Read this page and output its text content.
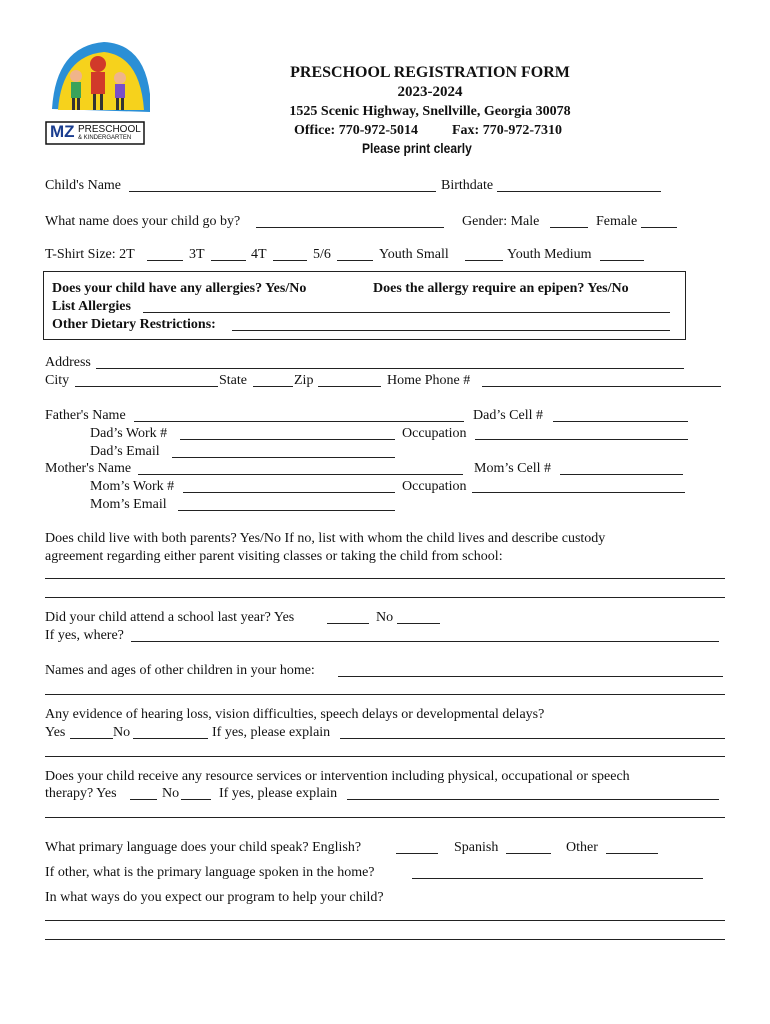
MZ PRESCHOOL
& KINDERGARTEN
PRESCHOOL REGISTRATION FORM
2023-2024
1525 Scenic Highway, Snellville, Georgia 30078
Office: 770-972-5014 Fax: 770-972-7310
Please print clearly
Child's Name	Birthdate
What name does your child go by?	Gender: Male	Female
T-Shirt Size: 2T	3T	4T	5/6	Youth Small	Youth Medium
Does your child have any allergies? Yes/No	Does the allergy require an epipen? Yes/No
List Allergies
Other Dietary Restrictions:
Address
City	State	Zip	Home Phone #
Father's Name	Dad’s Cell #
Dad’s Work #	Occupation
Dad’s Email
Mother's Name	Mom’s Cell #
Mom’s Work #	Occupation
Mom’s Email
Does child live with both parents? Yes/No If no, list with whom the child lives and describe custody
agreement regarding either parent visiting classes or taking the child from school:
Did your child attend a school last year? Yes	No
If yes, where?
Names and ages of other children in your home:
Any evidence of hearing loss, vision difficulties, speech delays or developmental delays?
Yes	No	If yes, please explain
Does your child receive any resource services or intervention including physical, occupational or speech
therapy? Yes	No	If yes, please explain
What primary language does your child speak? English?	Spanish	Other
If other, what is the primary language spoken in the home?
In what ways do you expect our program to help your child?
